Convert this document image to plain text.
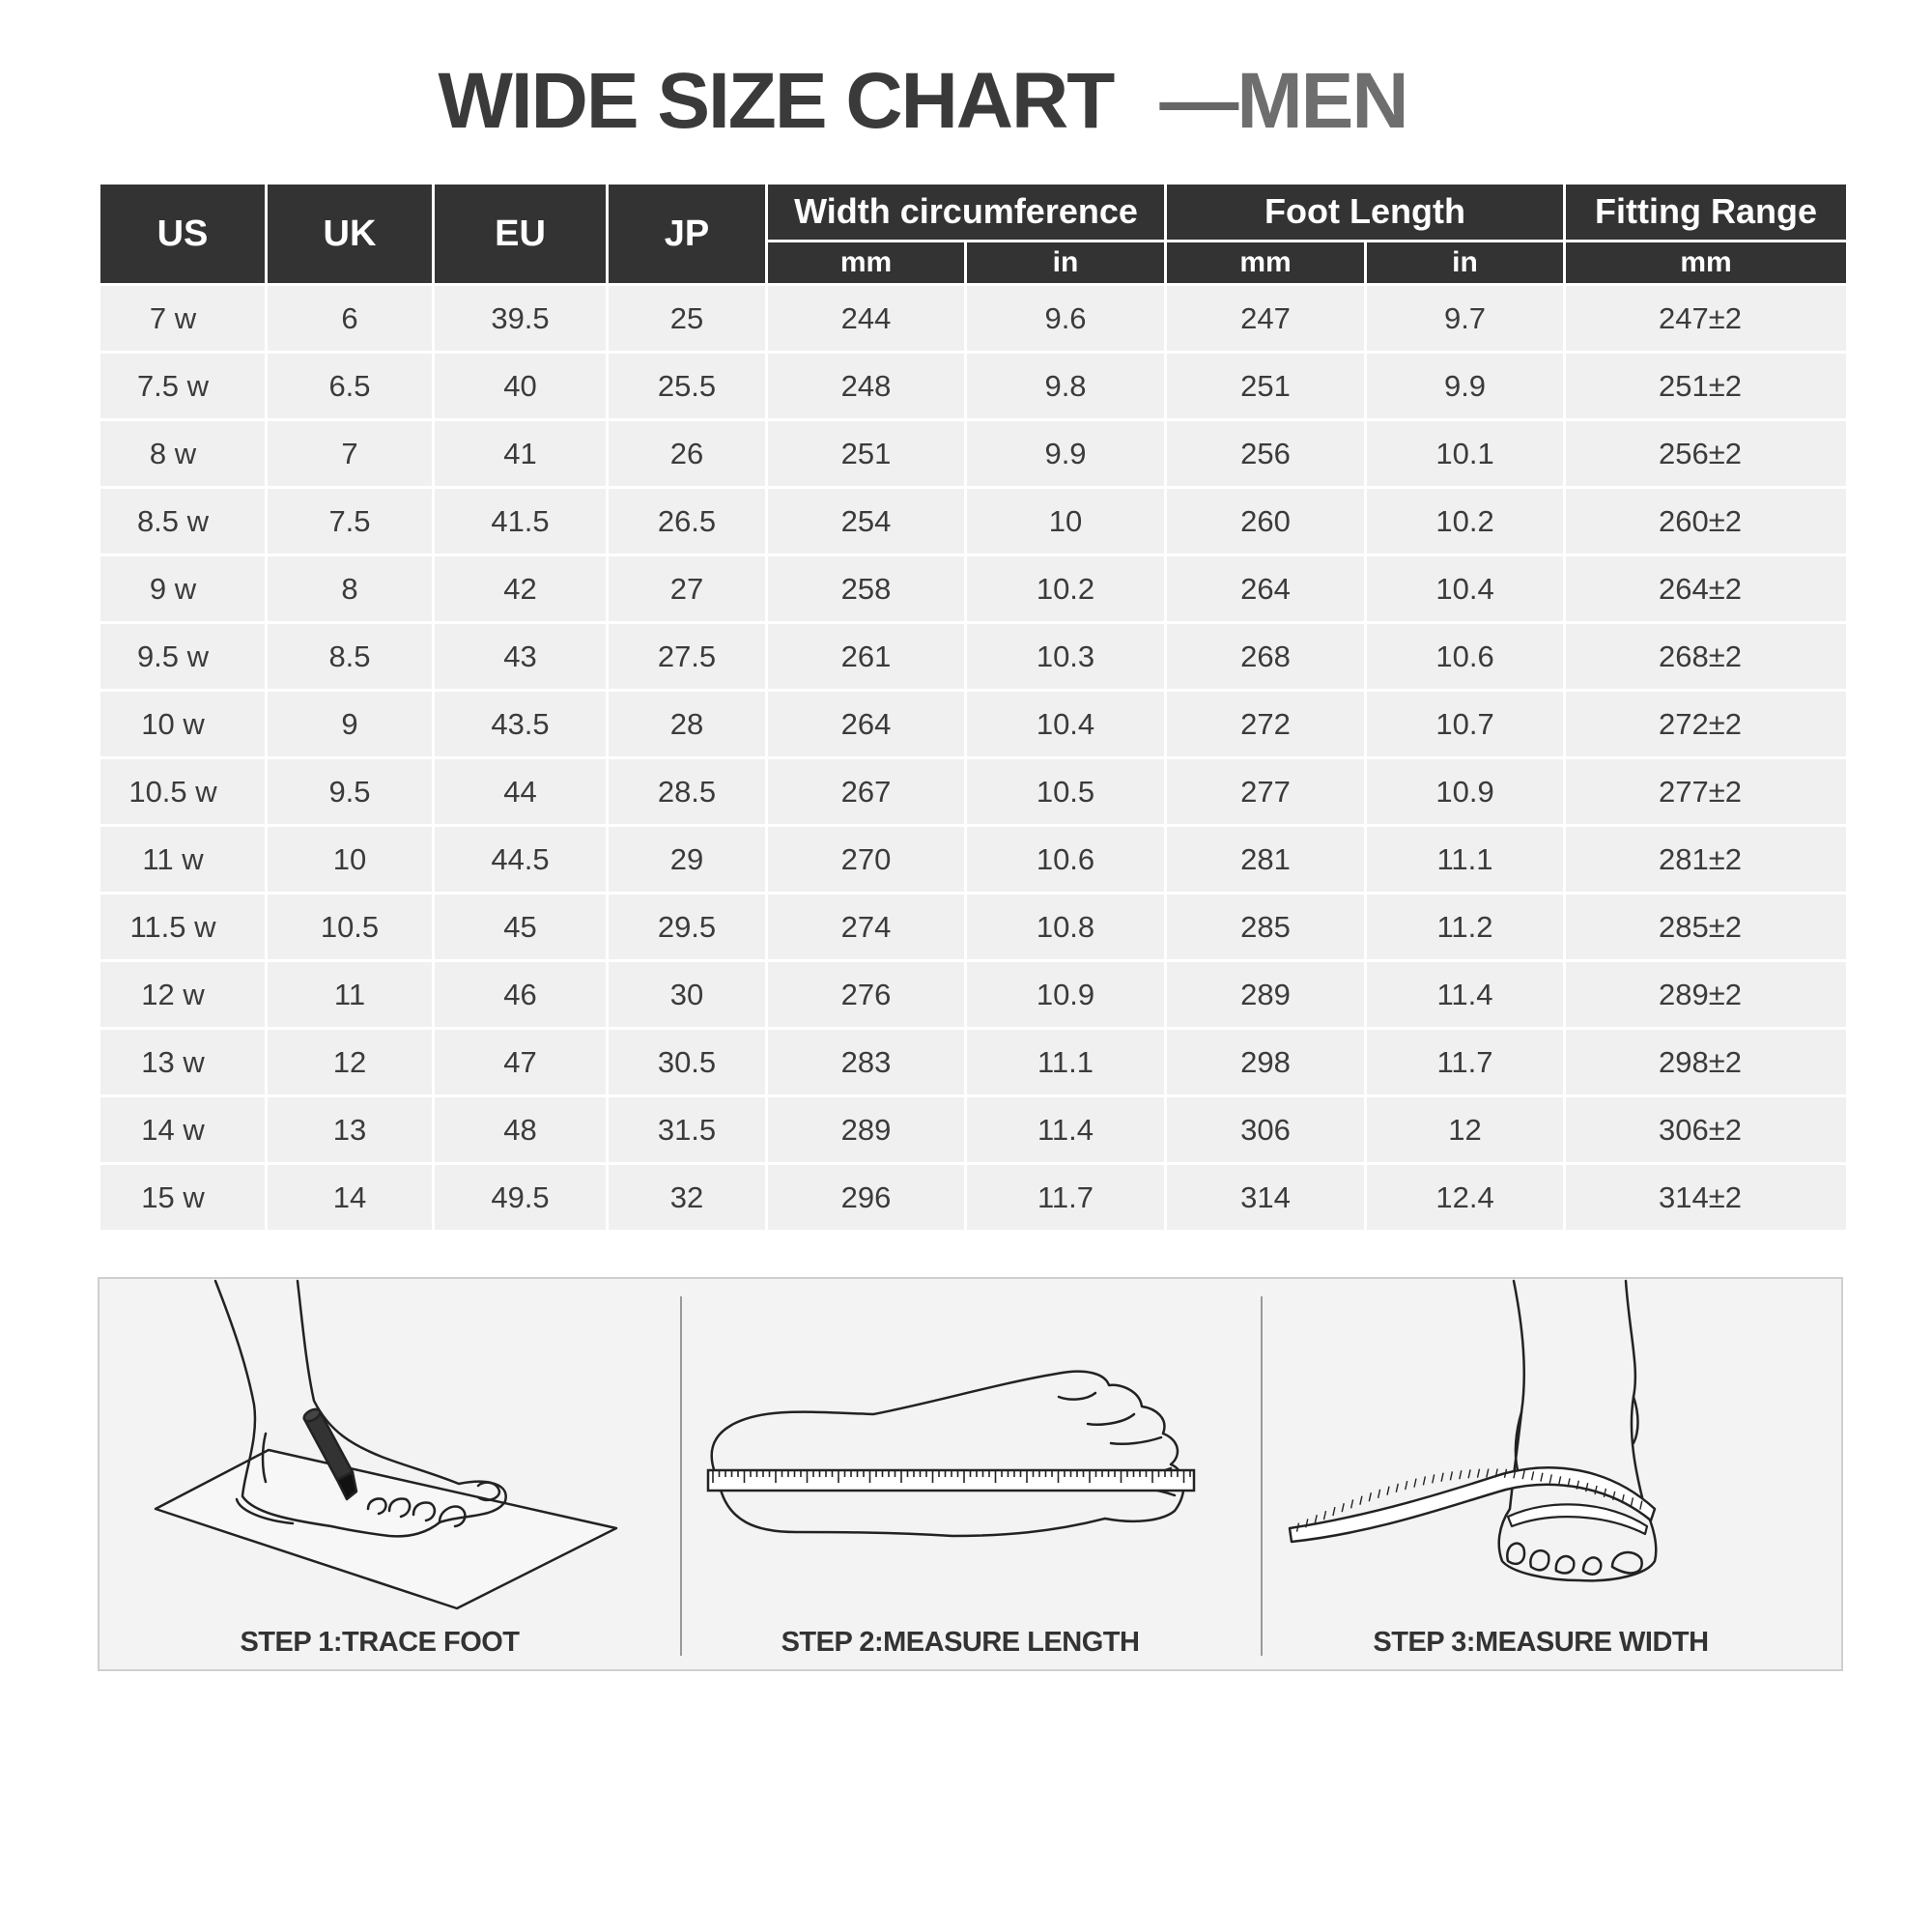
WIDE SIZE CHART —MEN
US	UK	EU	JP	Width circumference		Foot Length		Fitting Range
				mm	in	mm	in	mm
7 w	6	39.5	25	244	9.6	247	9.7	247±2
7.5 w	6.5	40	25.5	248	9.8	251	9.9	251±2
8 w	7	41	26	251	9.9	256	10.1	256±2
8.5 w	7.5	41.5	26.5	254	10	260	10.2	260±2
9 w	8	42	27	258	10.2	264	10.4	264±2
9.5 w	8.5	43	27.5	261	10.3	268	10.6	268±2
10 w	9	43.5	28	264	10.4	272	10.7	272±2
10.5 w	9.5	44	28.5	267	10.5	277	10.9	277±2
11 w	10	44.5	29	270	10.6	281	11.1	281±2
11.5 w	10.5	45	29.5	274	10.8	285	11.2	285±2
12 w	11	46	30	276	10.9	289	11.4	289±2
13 w	12	47	30.5	283	11.1	298	11.7	298±2
14 w	13	48	31.5	289	11.4	306	12	306±2
15 w	14	49.5	32	296	11.7	314	12.4	314±2
STEP 1:TRACE FOOT	STEP 2:MEASURE LENGTH	STEP 3:MEASURE WIDTH
